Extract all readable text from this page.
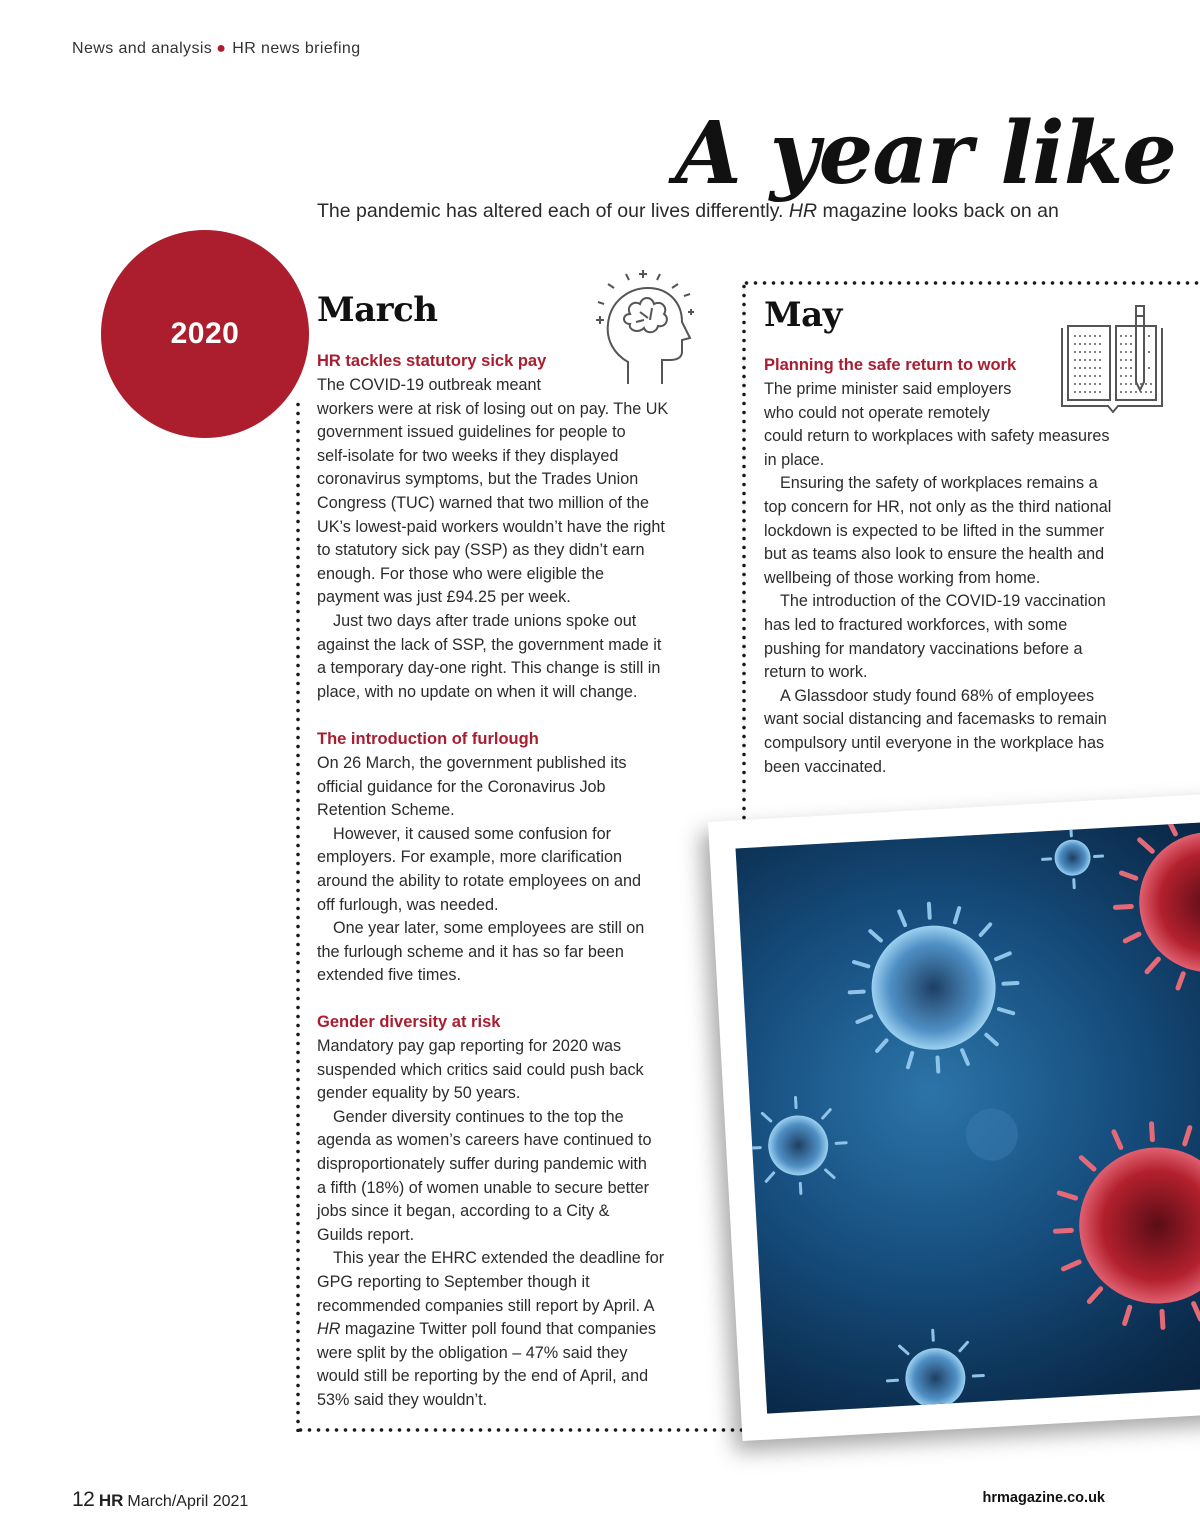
News and analysis ● HR news briefing
A year like
The pandemic has altered each of our lives differently. HR magazine looks back on an
2020
March
HR tackles statutory sick pay

The COVID-19 outbreak meant

workers were at risk of losing out on pay. The UK

government issued guidelines for people to

self-isolate for two weeks if they displayed

coronavirus symptoms, but the Trades Union

Congress (TUC) warned that two million of the

UK’s lowest-paid workers wouldn’t have the right

to statutory sick pay (SSP) as they didn’t earn

enough. For those who were eligible the

payment was just £94.25 per week.

Just two days after trade unions spoke out

against the lack of SSP, the government made it

a temporary day-one right. This change is still in

place, with no update on when it will change.

The introduction of furlough

On 26 March, the government published its

official guidance for the Coronavirus Job

Retention Scheme.

However, it caused some confusion for

employers. For example, more clarification

around the ability to rotate employees on and

off furlough, was needed.

One year later, some employees are still on

the furlough scheme and it has so far been

extended five times.

Gender diversity at risk

Mandatory pay gap reporting for 2020 was

suspended which critics said could push back

gender equality by 50 years.

Gender diversity continues to the top the

agenda as women’s careers have continued to

disproportionately suffer during pandemic with

a fifth (18%) of women unable to secure better

jobs since it began, according to a City &

Guilds report.

This year the EHRC extended the deadline for

GPG reporting to September though it

recommended companies still report by April. A

HR magazine Twitter poll found that companies

were split by the obligation – 47% said they

would still be reporting by the end of April, and

53% said they wouldn’t.

May
Planning the safe return to work

The prime minister said employers

who could not operate remotely

could return to workplaces with safety measures

in place.

Ensuring the safety of workplaces remains a

top concern for HR, not only as the third national

lockdown is expected to be lifted in the summer

but as teams also look to ensure the health and

wellbeing of those working from home.

The introduction of the COVID-19 vaccination

has led to fractured workforces, with some

pushing for mandatory vaccinations before a

return to work.

A Glassdoor study found 68% of employees

want social distancing and facemasks to remain

compulsory until everyone in the workplace has

been vaccinated.

12 HR March/April 2021	hrmagazine.co.uk
